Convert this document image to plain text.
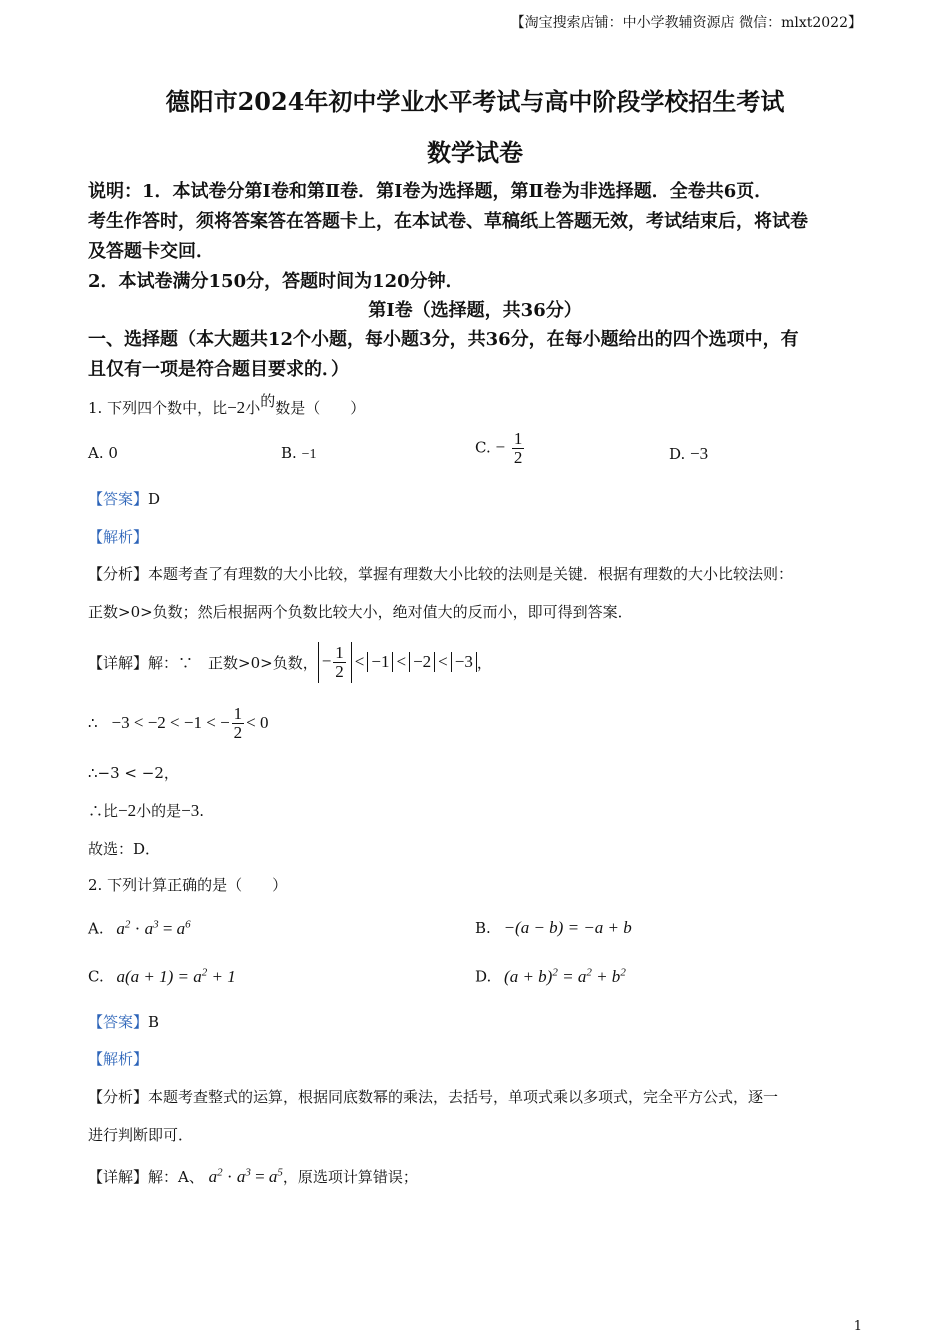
【淘宝搜索店铺：中小学教辅资源店 微信：mlxt2022】
德阳市2024年初中学业水平考试与高中阶段学校招生考试
数学试卷
说明：1．本试卷分第Ⅰ卷和第Ⅱ卷．第Ⅰ卷为选择题，第Ⅱ卷为非选择题．全卷共6页．
考生作答时，须将答案答在答题卡上，在本试卷、草稿纸上答题无效，考试结束后，将试卷
及答题卡交回．
2．本试卷满分150分，答题时间为120分钟．
第Ⅰ卷（选择题，共36分）
一、选择题（本大题共12个小题，每小题3分，共36分，在每小题给出的四个选项中，有
且仅有一项是符合题目要求的．）
1. 下列四个数中，比−2小的数是（　　）
A. 0	B. −1	C. − $\frac{1}{2}$	D. −3
【答案】D
【解析】
【分析】本题考查了有理数的大小比较，掌握有理数大小比较的法则是关键．根据有理数的大小比较法则：
正数>0>负数；然后根据两个负数比较大小，绝对值大的反而小，即可得到答案．
【详解】 解：∵　正数>0>负数， − $\frac{1}{2} < -1 < -2 < -3$ ，
∴ −3 < −2 < −1 < − $\frac{1}{2} < 0$
∴−3 < −2，
∴比−2小的是−3.
故选：D．
2. 下列计算正确的是（　　）
A. $a^2 \cdot a^3 = a^6$	B. −(a − b) = −a + b
C. $a(a + 1) = a^2 + 1$	D. $(a + b)^2 = a^2 + b^2$
【答案】B
【解析】
【分析】本题考查整式的运算，根据同底数幂的乘法，去括号，单项式乘以多项式，完全平方公式，逐一
进行判断即可．
【详解】解：A、 $a^2 \cdot a^3 = a^5$，原选项计算错误；
1
